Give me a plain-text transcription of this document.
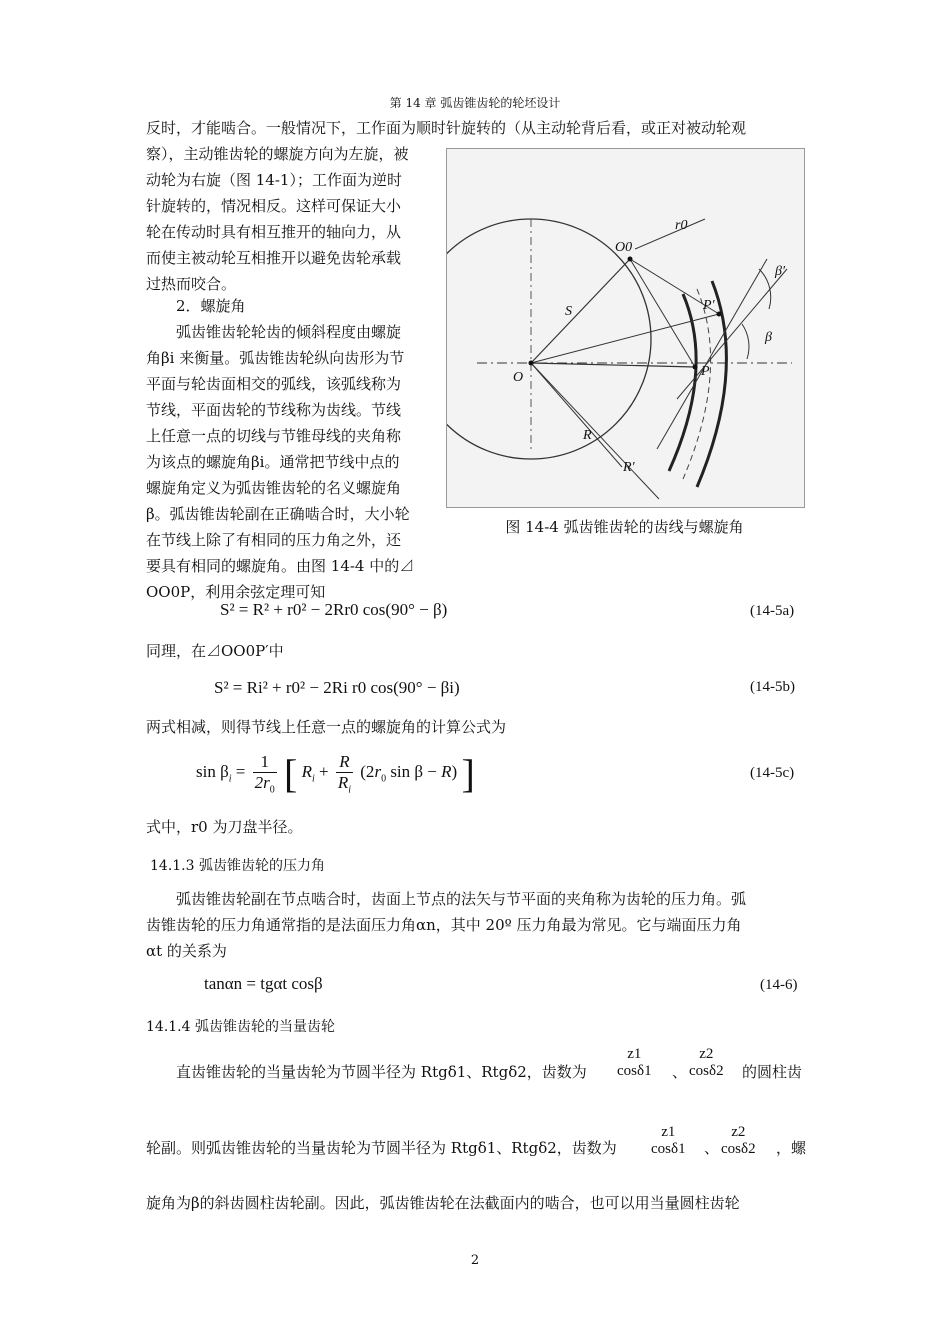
第 14 章 弧齿锥齿轮的轮坯设计
反时，才能啮合。一般情况下，工作面为顺时针旋转的（从主动轮背后看，或正对被动轮观
察），主动锥齿轮的螺旋方向为左旋，被
动轮为右旋（图 14-1）；工作面为逆时
针旋转的，情况相反。这样可保证大小
轮在传动时具有相互推开的轴向力，从
而使主被动轮互相推开以避免齿轮承载
过热而咬合。
2．螺旋角
弧齿锥齿轮轮齿的倾斜程度由螺旋
角βi 来衡量。弧齿锥齿轮纵向齿形为节
平面与轮齿面相交的弧线，该弧线称为
节线，平面齿轮的节线称为齿线。节线
上任意一点的切线与节锥母线的夹角称
为该点的螺旋角βi。通常把节线中点的
螺旋角定义为弧齿锥齿轮的名义螺旋角
β。弧齿锥齿轮副在正确啮合时，大小轮
在节线上除了有相同的压力角之外，还
要具有相同的螺旋角。由图 14-4 中的⊿
OO0P，利用余弦定理可知
r0
O0
S
β′
P′
β
O	P
R
R′
图 14-4 弧齿锥齿轮的齿线与螺旋角
S² = R² + r0² − 2Rr0 cos(90° − β)	(14-5a)
同理，在⊿OO0P′中
S² = Ri² + r0² − 2Ri r0 cos(90° − βi)	(14-5b)
两式相减，则得节线上任意一点的螺旋角的计算公式为
$\sin \beta_i = \frac{1}{2r_0}$ [ $R_i + \frac{R}{R_i} (2r_0$ sin β − R) ]	(14-5c)
式中，r0 为刀盘半径。
14.1.3 弧齿锥齿轮的压力角
弧齿锥齿轮副在节点啮合时，齿面上节点的法矢与节平面的夹角称为齿轮的压力角。弧
齿锥齿轮的压力角通常指的是法面压力角αn，其中 20º 压力角最为常见。它与端面压力角
αt 的关系为
tanαn = tgαt cosβ	(14-6)
14.1.4 弧齿锥齿轮的当量齿轮
直齿锥齿轮的当量齿轮为节圆半径为 Rtgδ1、Rtgδ2，齿数为
z1
cosδ1 、
z2
cosδ2 的圆柱齿
轮副。则弧齿锥齿轮的当量齿轮为节圆半径为 Rtgδ1、Rtgδ2，齿数为
z1
cosδ1 、
z2
cosδ2 ，螺
旋角为β的斜齿圆柱齿轮副。因此，弧齿锥齿轮在法截面内的啮合，也可以用当量圆柱齿轮
2
